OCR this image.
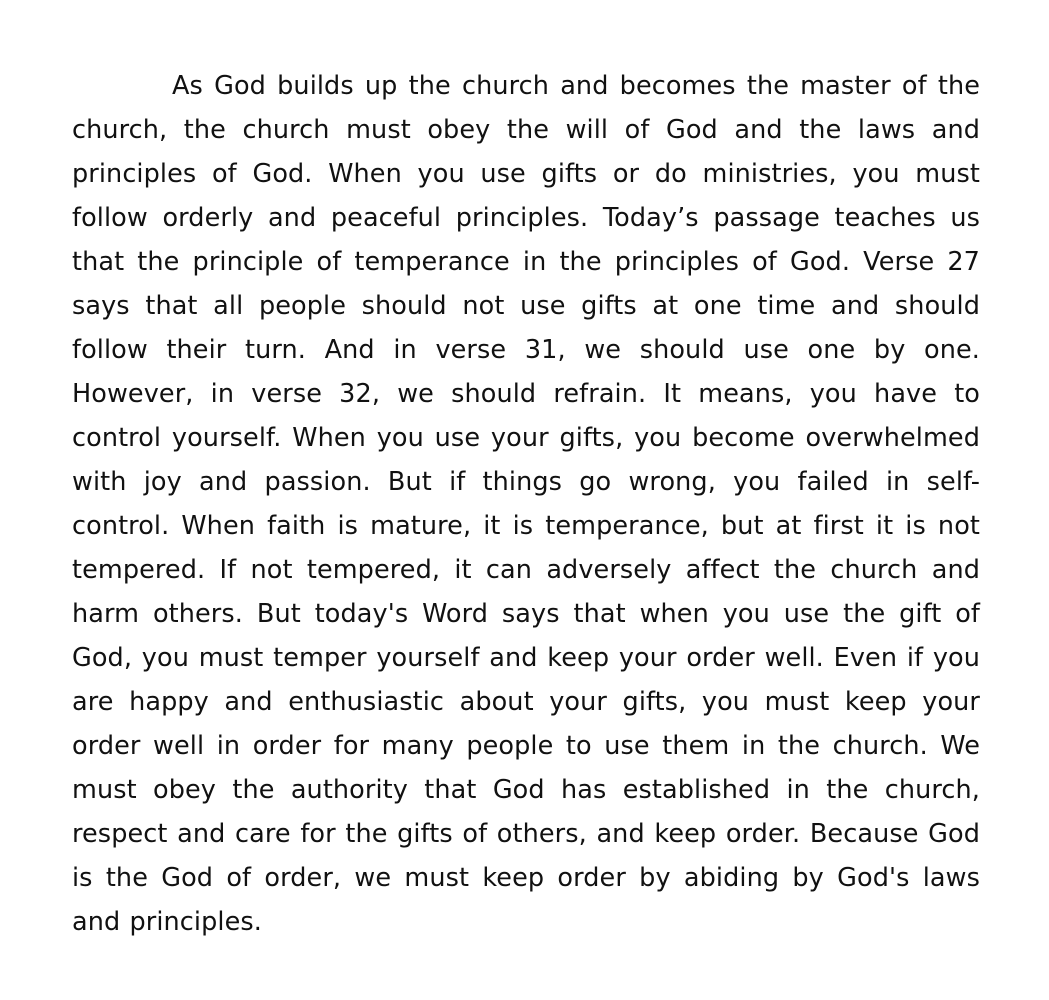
As God builds up the church and becomes the master of the church, the church must obey the will of God and the laws and principles of God. When you use gifts or do ministries, you must follow orderly and peaceful principles. Today’s passage teaches us that the principle of temperance in the principles of God. Verse 27 says that all people should not use gifts at one time and should follow their turn. And in verse 31, we should use one by one. However, in verse 32, we should refrain. It means, you have to control yourself. When you use your gifts, you become overwhelmed with joy and passion. But if things go wrong, you failed in self-control. When faith is mature, it is temperance, but at first it is not tempered. If not tempered, it can adversely affect the church and harm others. But today's Word says that when you use the gift of God, you must temper yourself and keep your order well. Even if you are happy and enthusiastic about your gifts, you must keep your order well in order for many people to use them in the church. We must obey the authority that God has established in the church, respect and care for the gifts of others, and keep order. Because God is the God of order, we must keep order by abiding by God's laws and principles.
